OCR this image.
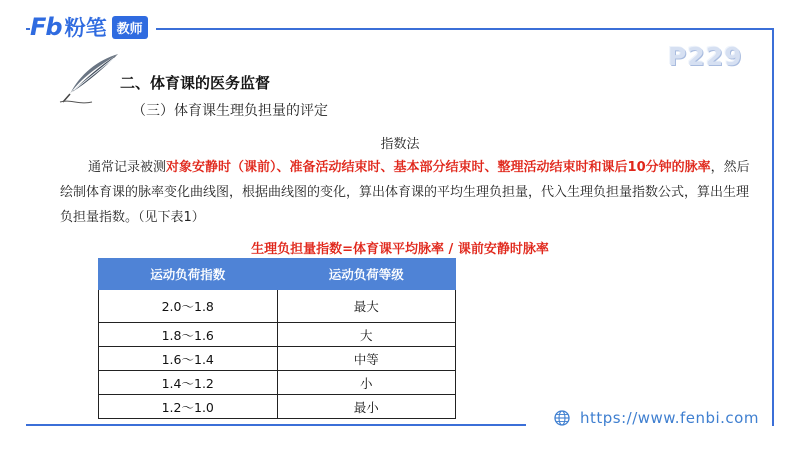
Fb 粉笔 教师
P229
二、体育课的医务监督
（三）体育课生理负担量的评定
指数法
通常记录被测对象安静时（课前）、准备活动结束时、基本部分结束时、整理活动结束时和课后10分钟的脉率，然后绘制体育课的脉率变化曲线图，根据曲线图的变化，算出体育课的平均生理负担量，代入生理负担量指数公式，算出生理负担量指数。（见下表1）
生理负担量指数=体育课平均脉率 / 课前安静时脉率
运动负荷指数	运动负荷等级
2.0～1.8	最大
1.8～1.6	大
1.6～1.4	中等
1.4～1.2	小
1.2～1.0	最小
https://www.fenbi.com
